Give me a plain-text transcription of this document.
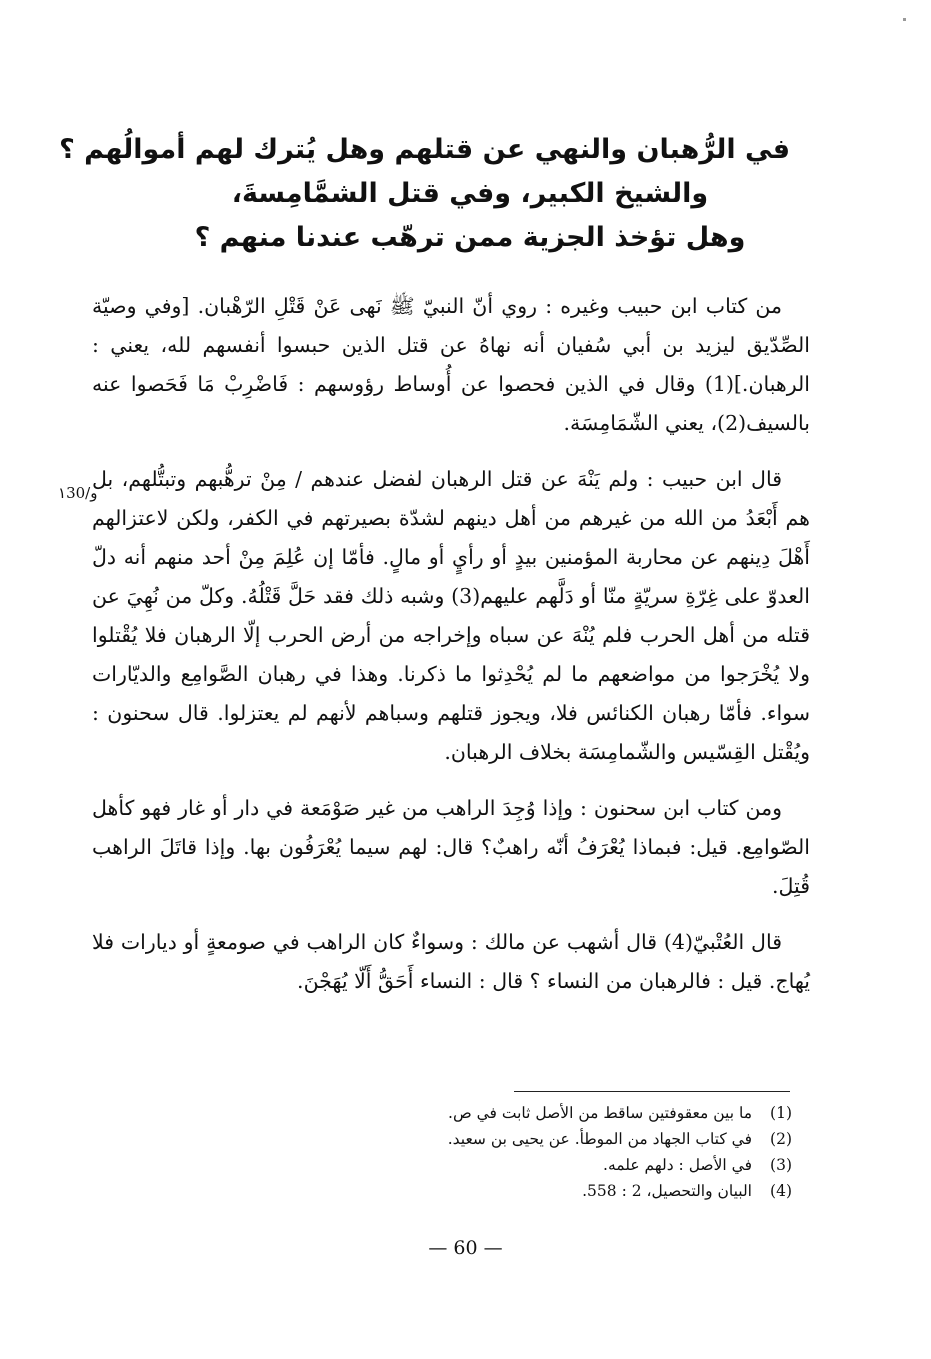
في الرُّهبان والنهي عن قتلهم وهل يُترك لهم أموالُهم ؟
والشيخ الكبير، وفي قتل الشمَّامِسةَ،
وهل تؤخذ الجزية ممن ترهّب عندنا منهم ؟
١30/و

من كتاب ابن حبيب وغيره : روي أنّ النبيّ ﷺ نَهى عَنْ قَتْلِ الرّهْبان. [وفي وصيّة الصِّدّيق ليزيد بن أبي سُفيان أنه نهاهُ عن قتل الذين حبسوا أنفسهم لله، يعني : الرهبان.](1) وقال في الذين فحصوا عن أُوساط رؤوسهم : فَاضْرِبْ مَا فَحَصوا عنه بالسيف(2)، يعني الشّمَامِسَة.

قال ابن حبيب : ولم يَنْهَ عن قتل الرهبان لفضل عندهم / مِنْ ترهُّبهم وتبتُّلهم، بل هم أَبْعَدُ من الله من غيرهم من أهل دينهم لشدّة بصيرتهم في الكفر، ولكن لاعتزالهم أَهْلَ دِينهم عن محاربة المؤمنين بيدٍ أو رأيٍ أو مالٍ. فأمّا إن عُلِمَ مِنْ أحد منهم أنه دلّ العدوّ على غِرّةِ سريّةٍ منّا أو دَلَّهم عليهم(3) وشبه ذلك فقد حَلَّ قَتْلُهُ. وكلّ من نُهِيَ عن قتله من أهل الحرب فلم يُنْهَ عن سباه وإخراجه من أرض الحرب إلّا الرهبان فلا يُقْتلوا ولا يُخْرَجوا من مواضعهم ما لم يُحْدِثوا ما ذكرنا. وهذا في رهبان الصَّوامِع والديّارات سواء. فأمّا رهبان الكنائس فلا، ويجوز قتلهم وسباهم لأنهم لم يعتزلوا. قال سحنون : ويُقْتل القِسّيس والشّمامِسَة بخلاف الرهبان.

ومن كتاب ابن سحنون : وإذا وُجِدَ الراهب من غير صَوْمَعة في دار أو غار فهو كأهل الصّوامِع. قيل: فبماذا يُعْرَفُ أنّه راهبٌ؟ قال: لهم سيما يُعْرَفُون بها. وإذا قاتَلَ الراهب قُتِلَ.

قال العُتْبيّ(4) قال أشهب عن مالك : وسواءٌ كان الراهب في صومعةٍ أو ديارات فلا يُهاج. قيل : فالرهبان من النساء ؟ قال : النساء أَحَقُّ أَلّا يُهَجْنَ.

(1)ما بين معقوفتين ساقط من الأصل ثابت في ص.
(2)في كتاب الجهاد من الموطأ. عن يحيى بن سعيد.
(3)في الأصل : دلهم علمه.
(4)البيان والتحصيل، 2 : 558.
— 60 —
